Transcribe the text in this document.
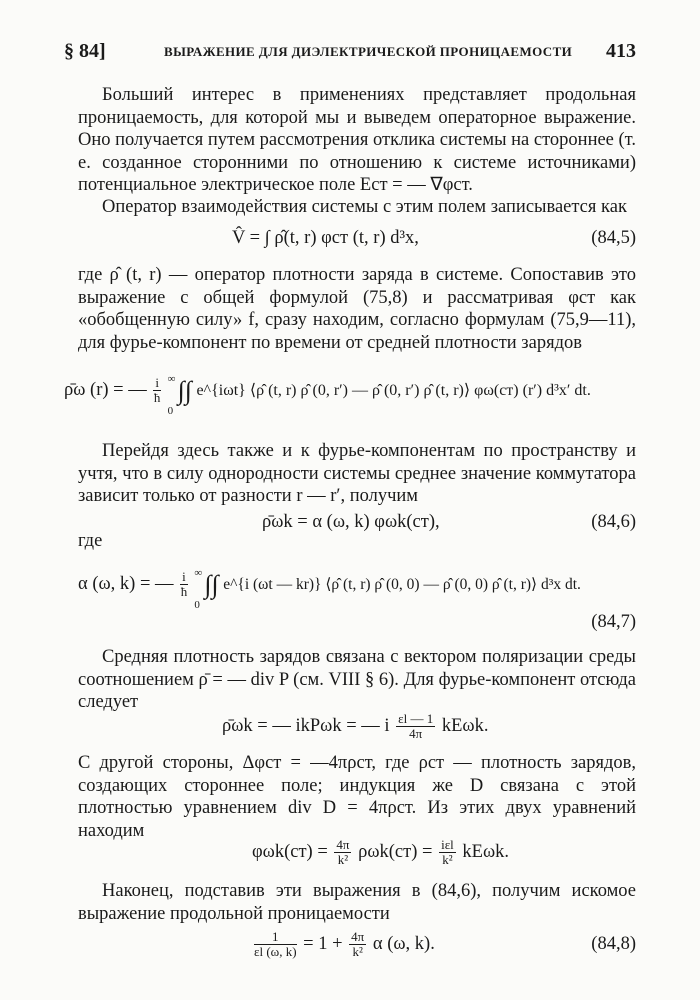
§ 84]	ВЫРАЖЕНИЕ ДЛЯ ДИЭЛЕКТРИЧЕСКОЙ ПРОНИЦАЕМОСТИ 413
Больший интерес в применениях представляет продольная проницаемость, для которой мы и выведем операторное выражение. Оно получается путем рассмотрения отклика системы на стороннее (т. е. созданное сторонними по отношению к системе источниками) потенциальное электрическое поле Eст = — ∇φст.
Оператор взаимодействия системы с этим полем записывается как
V̂ = ∫ ρ̂(t, r) φст (t, r) d³x,	(84,5)
где ρ̂ (t, r) — оператор плотности заряда в системе. Сопоставив это выражение с общей формулой (75,8) и рассматривая φст как «обобщенную силу» f, сразу находим, согласно формулам (75,9—11), для фурье-компонент по времени от средней плотности зарядов
ρ̄ω (r) = — $\frac{i}{ħ}$
∞
0
∫∫ e^{iωt} ⟨ρ̂ (t, r) ρ̂ (0, r′) — ρ̂ (0, r′) ρ̂ (t, r)⟩ φω(ст) (r′) d³x′ dt.
Перейдя здесь также и к фурье-компонентам по пространству и учтя, что в силу однородности системы среднее значение коммутатора зависит только от разности r — r′, получим
ρ̄ωk = α (ω, k) φωk(ст),	(84,6)
где
α (ω, k) = — $\frac{i}{ħ}$
∞
0
∫∫ e^{i (ωt — kr)} ⟨ρ̂ (t, r) ρ̂ (0, 0) — ρ̂ (0, 0) ρ̂ (t, r)⟩ d³x dt.
(84,7)
Средняя плотность зарядов связана с вектором поляризации среды соотношением ρ̄ = — div P (см. VIII § 6). Для фурье-компонент отсюда следует
ρ̄ωk = — ikPωk = — i $\frac{\varepsilon l — 1}{4\pi} kE\omega k$.
С другой стороны, Δφст = —4πρст, где ρст — плотность зарядов, создающих стороннее поле; индукция же D связана с этой плотностью уравнением div D = 4πρст. Из этих двух уравнений находим
$\varphi\omega k(ст) = \frac{4\pi}{\text{k²}} \rho\omega k(ст) = \frac{\text{iεl}}{\text{k²}} kE\omega k$.
Наконец, подставив эти выражения в (84,6), получим искомое выражение продольной проницаемости
$\frac{1}{\varepsilon l (\omega, k)} = 1 + \frac{4\pi}{\text{k²}}$ α (ω, k).	(84,8)
